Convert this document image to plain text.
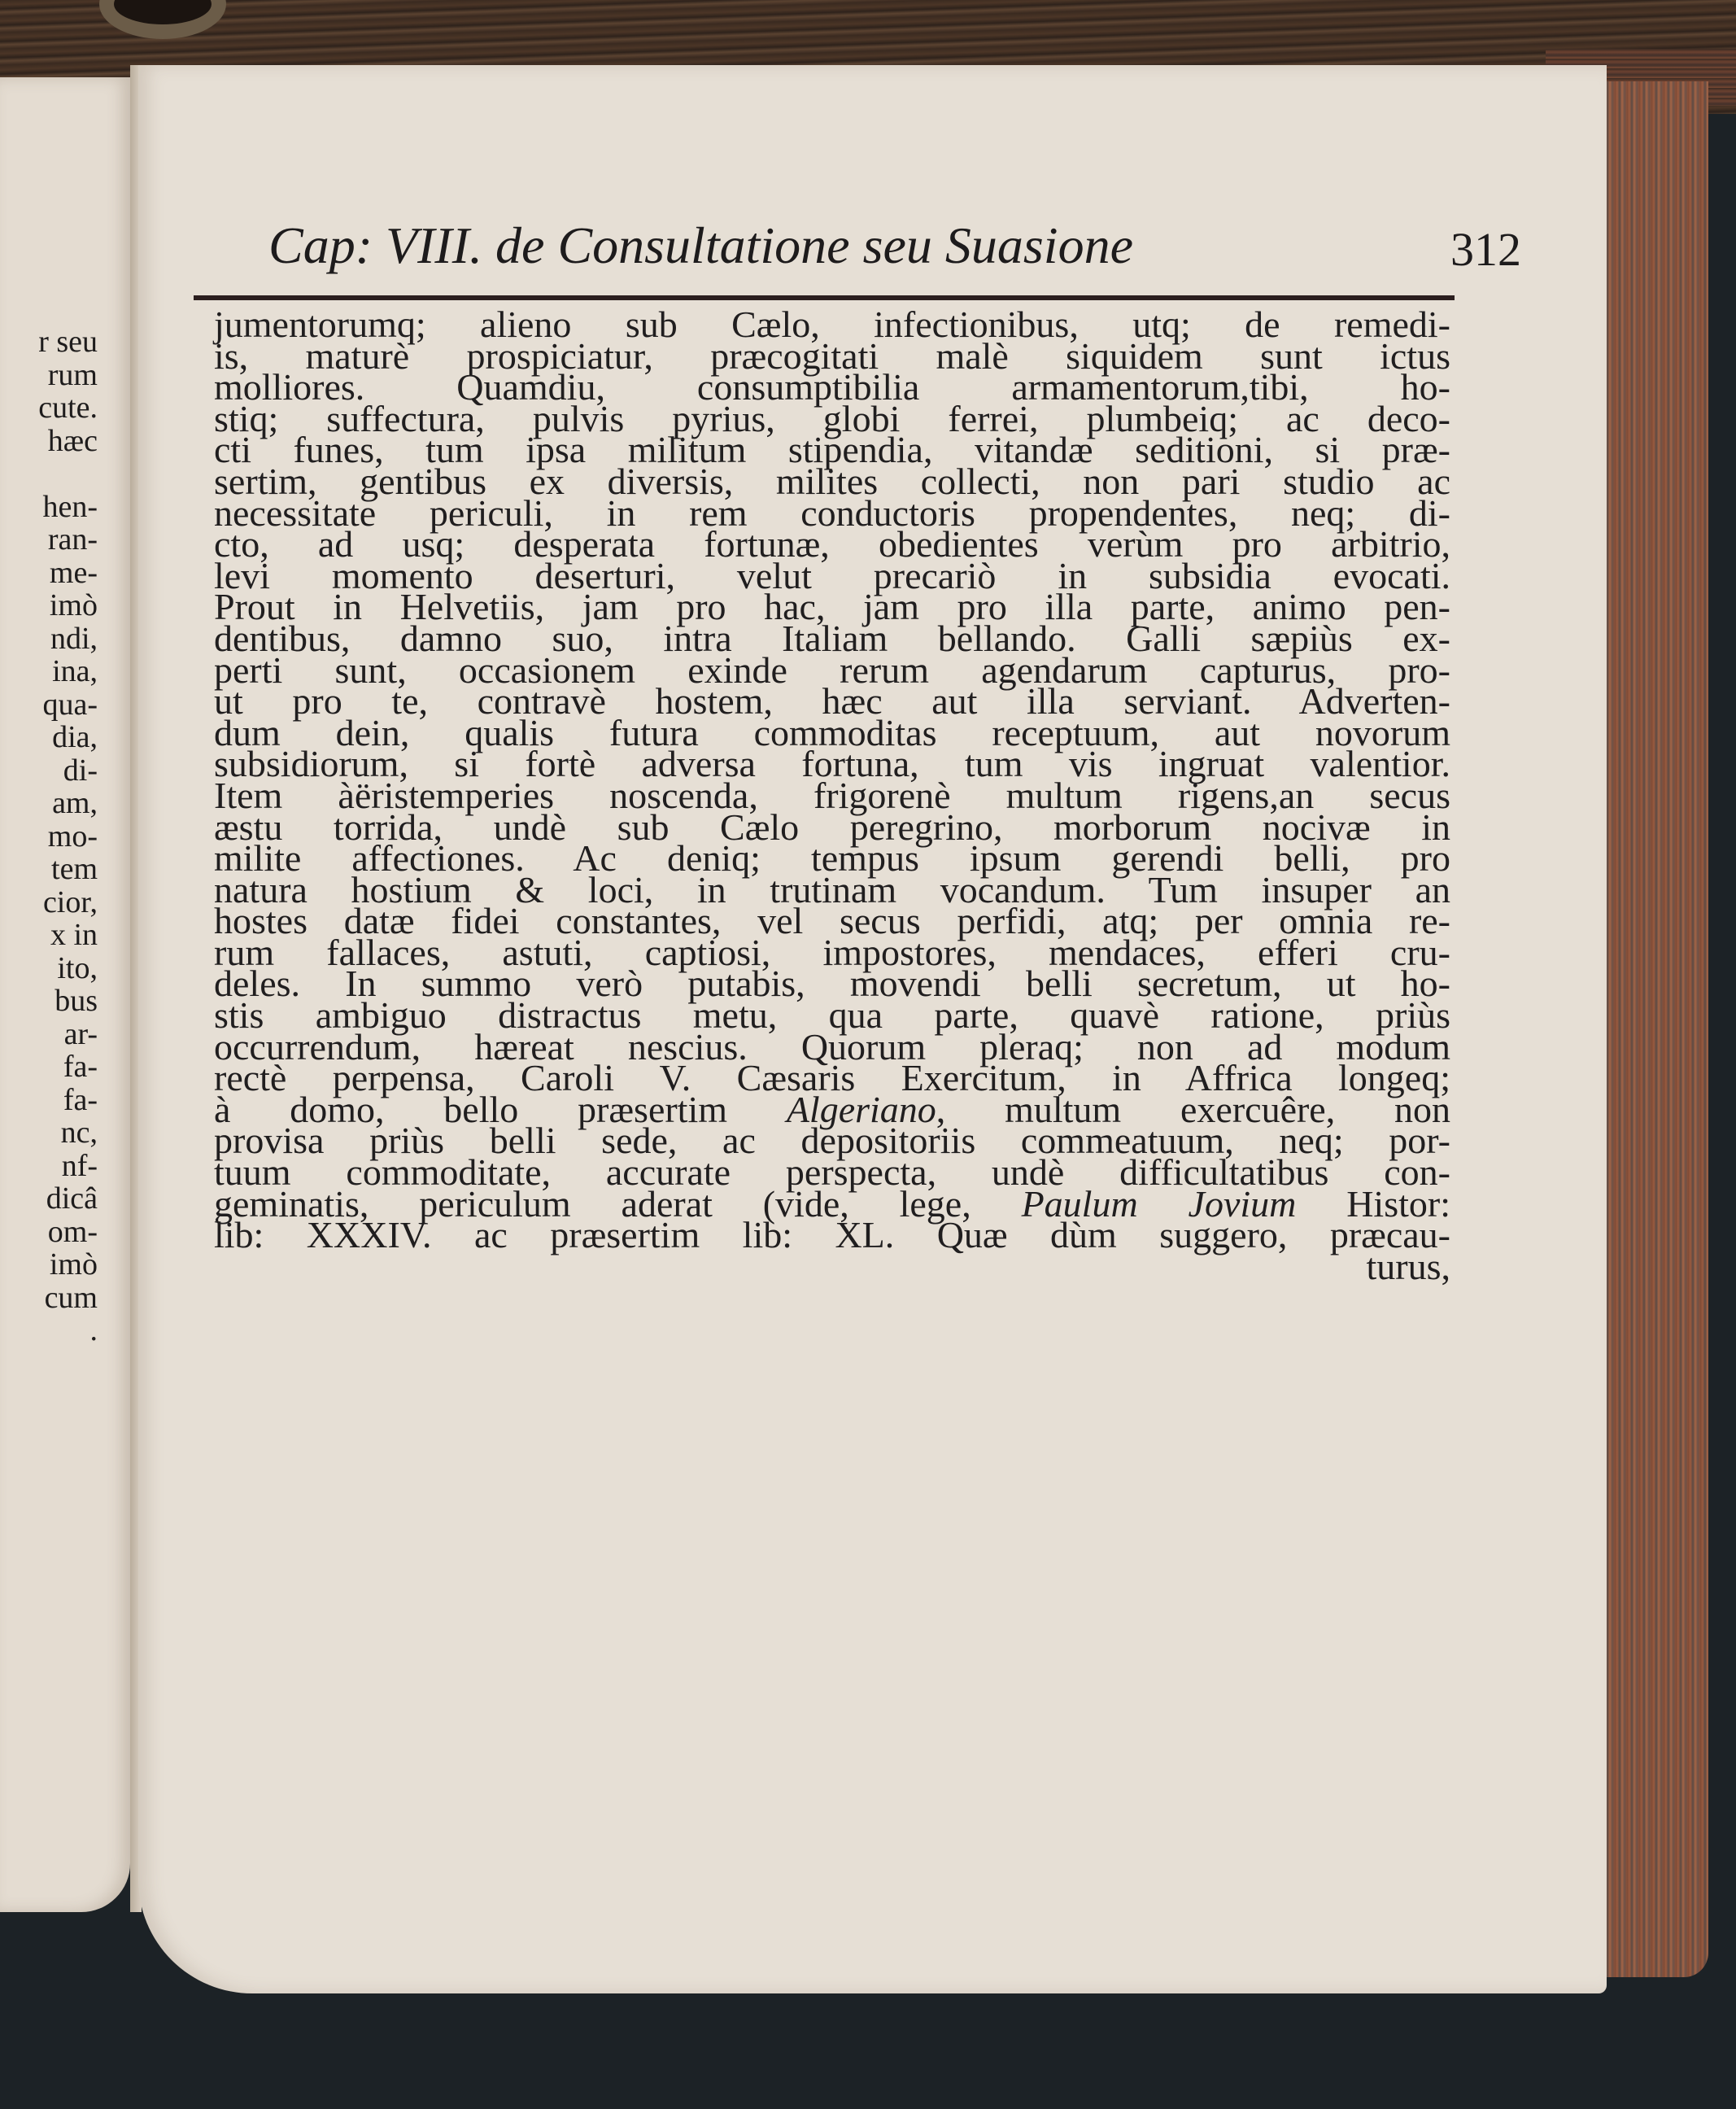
r seu
rum
cute.
hæc
hen-
ran-
me-
imò
ndi,
ina,
qua-
dia,
di-
am,
mo-
tem
cior,
x in
ito,
bus
ar-
fa-
fa-
nc,
nf-
dicâ
om-
imò
cum
.
Cap: VIII. de Consultatione seu Suasione	312
jumentorumq; alieno sub Cælo, infectionibus, utq; de remedi-
is, maturè prospiciatur, præcogitati malè siquidem sunt ictus
molliores. Quamdiu, consumptibilia armamentorum,tibi, ho-
stiq; suffectura, pulvis pyrius, globi ferrei, plumbeiq; ac deco-
cti funes, tum ipsa militum stipendia, vitandæ seditioni, si præ-
sertim, gentibus ex diversis, milites collecti, non pari studio ac
necessitate periculi, in rem conductoris propendentes, neq; di-
cto, ad usq; desperata fortunæ, obedientes verùm pro arbitrio,
levi momento deserturi, velut precariò in subsidia evocati.
Prout in Helvetiis, jam pro hac, jam pro illa parte, animo pen-
dentibus, damno suo, intra Italiam bellando. Galli sæpiùs ex-
perti sunt, occasionem exinde rerum agendarum capturus, pro-
ut pro te, contravè hostem, hæc aut illa serviant. Adverten-
dum dein, qualis futura commoditas receptuum, aut novorum
subsidiorum, si fortè adversa fortuna, tum vis ingruat valentior.
Item àëristemperies noscenda, frigorenè multum rigens,an secus
æstu torrida, undè sub Cælo peregrino, morborum nocivæ in
milite affectiones. Ac deniq; tempus ipsum gerendi belli, pro
natura hostium & loci, in trutinam vocandum. Tum insuper an
hostes datæ fidei constantes, vel secus perfidi, atq; per omnia re-
rum fallaces, astuti, captiosi, impostores, mendaces, efferi cru-
deles. In summo verò putabis, movendi belli secretum, ut ho-
stis ambiguo distractus metu, qua parte, quavè ratione, priùs
occurrendum, hæreat nescius. Quorum pleraq; non ad modum
rectè perpensa, Caroli V. Cæsaris Exercitum, in Affrica longeq;
à domo, bello præsertim Algeriano, multum exercuêre, non
provisa priùs belli sede, ac depositoriis commeatuum, neq; por-
tuum commoditate, accurate perspecta, undè difficultatibus con-
geminatis, periculum aderat (vide, lege, Paulum Jovium Histor:
lib: XXXIV. ac præsertim lib: XL. Quæ dùm suggero, præcau-
turus,
